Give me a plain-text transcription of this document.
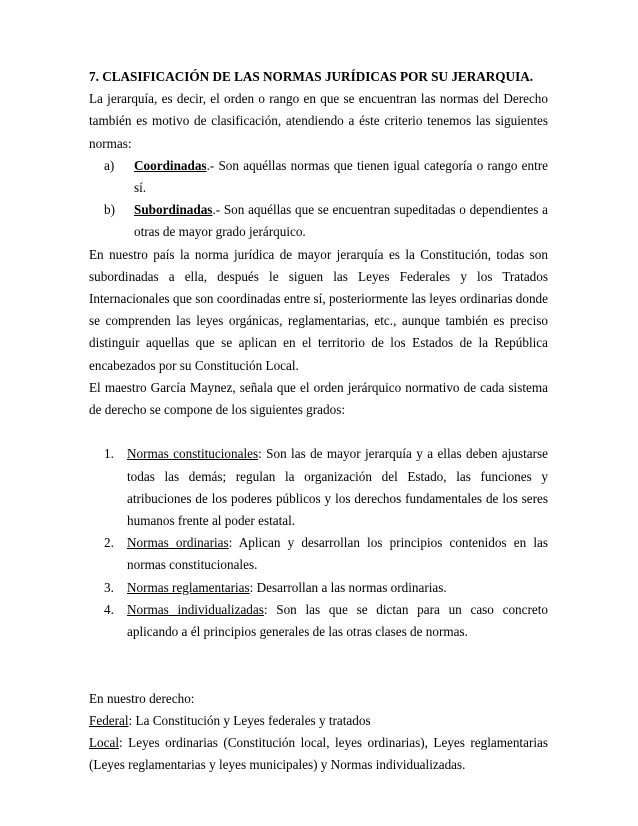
7. CLASIFICACIÓN DE LAS NORMAS JURÍDICAS POR SU JERARQUIA.

La jerarquía, es decir, el orden o rango en que se encuentran las normas del Derecho también es motivo de clasificación, atendiendo a éste criterio tenemos las siguientes normas:

a)	Coordinadas.- Son aquéllas normas que tienen igual categoría o rango entre sí.
b)	Subordinadas.- Son aquéllas que se encuentran supeditadas o dependientes a otras de mayor grado jerárquico.

En nuestro país la norma jurídica de mayor jerarquía es la Constitución, todas son subordinadas a ella, después le siguen las Leyes Federales y los Tratados Internacionales que son coordinadas entre sí, posteriormente las leyes ordinarias donde se comprenden las leyes orgánicas, reglamentarias, etc., aunque también es preciso distinguir aquellas que se aplican en el territorio de los Estados de la República encabezados por su Constitución Local.

El maestro García Maynez, señala que el orden jerárquico normativo de cada sistema de derecho se compone de los siguientes grados:

1. Normas constitucionales: Son las de mayor jerarquía y a ellas deben ajustarse todas las demás; regulan la organización del Estado, las funciones y atribuciones de los poderes públicos y los derechos fundamentales de los seres humanos frente al poder estatal.
2. Normas ordinarias: Aplican y desarrollan los principios contenidos en las normas constitucionales.
3. Normas reglamentarias: Desarrollan a las normas ordinarias.
4. Normas individualizadas: Son las que se dictan para un caso concreto aplicando a él principios generales de las otras clases de normas.

En nuestro derecho:

Federal: La Constitución y Leyes federales y tratados

Local: Leyes ordinarias (Constitución local, leyes ordinarias), Leyes reglamentarias (Leyes reglamentarias y leyes municipales) y Normas individualizadas.
